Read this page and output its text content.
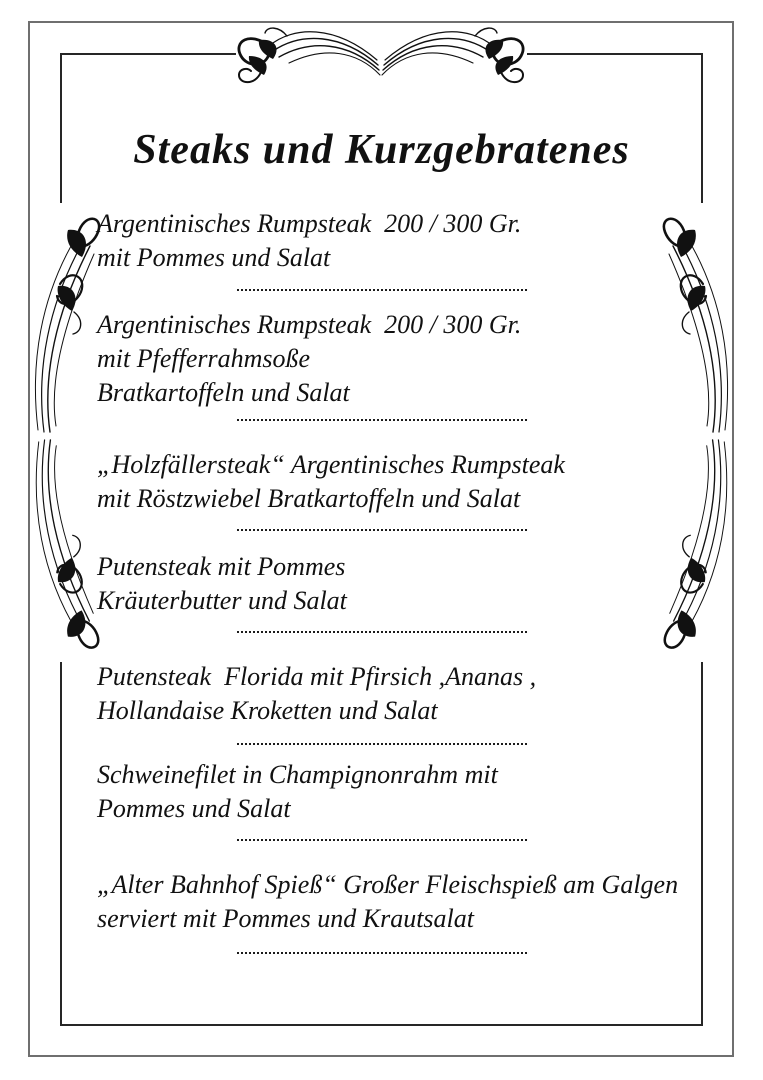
Steaks und Kurzgebratenes
Argentinisches Rumpsteak  200 / 300 Gr.
mit Pommes und Salat
Argentinisches Rumpsteak  200 / 300 Gr.
mit Pfefferrahmsoße
Bratkartoffeln und Salat
„Holzfällersteak“ Argentinisches Rumpsteak
mit Röstzwiebel Bratkartoffeln und Salat
Putensteak mit Pommes
Kräuterbutter und Salat
Putensteak  Florida mit Pfirsich ,Ananas ,
Hollandaise Kroketten und Salat
Schweinefilet in Champignonrahm mit
Pommes und Salat
„Alter Bahnhof Spieß“ Großer Fleischspieß am Galgen
serviert mit Pommes und Krautsalat
